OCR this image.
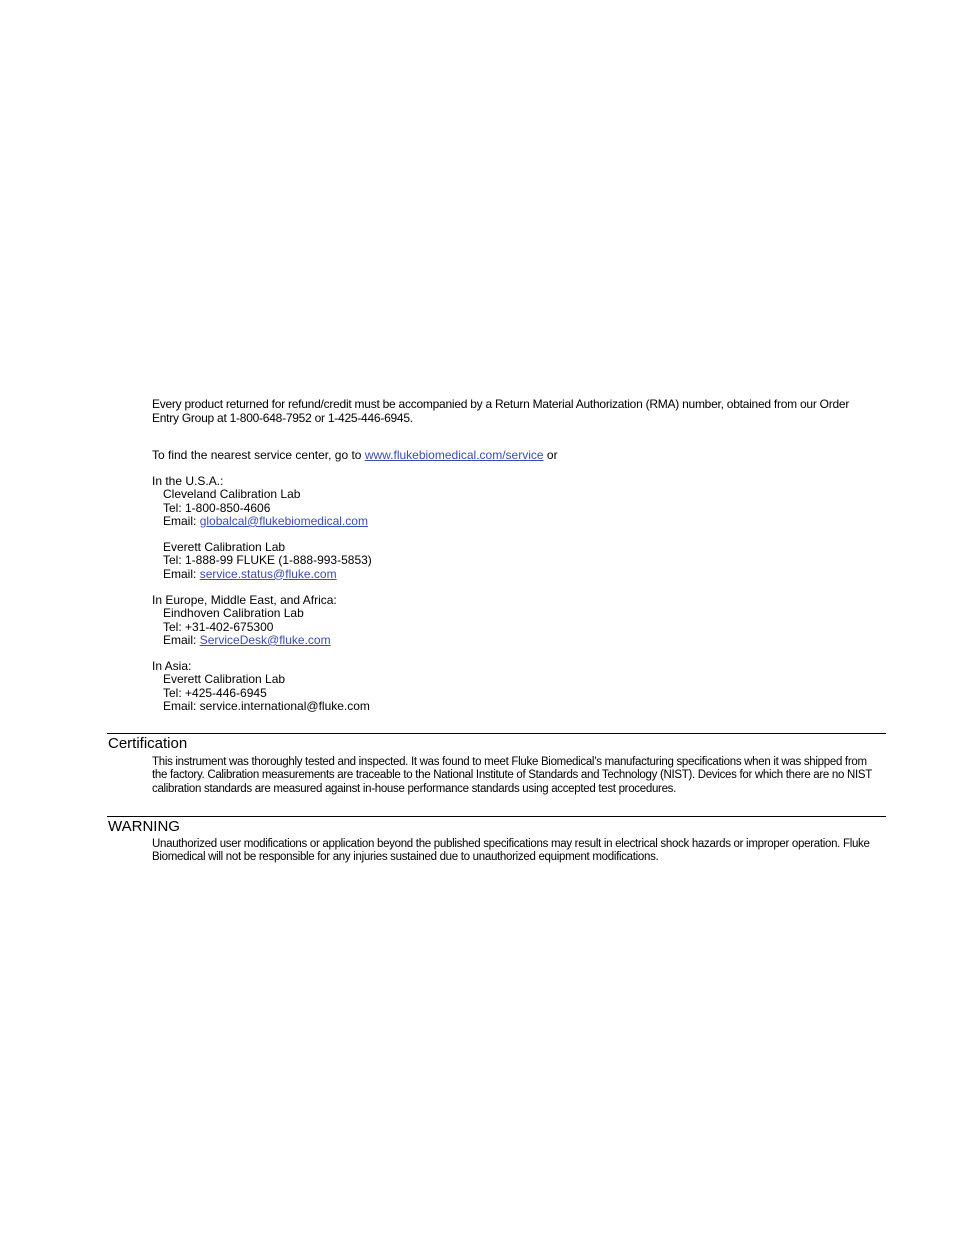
Every product returned for refund/credit must be accompanied by a Return Material Authorization (RMA) number, obtained from our Order Entry Group at 1-800-648-7952 or 1-425-446-6945.
To find the nearest service center, go to www.flukebiomedical.com/service or
In the U.S.A.:
Cleveland Calibration Lab
Tel: 1-800-850-4606
Email: globalcal@flukebiomedical.com
Everett Calibration Lab
Tel: 1-888-99 FLUKE (1-888-993-5853)
Email: service.status@fluke.com
In Europe, Middle East, and Africa:
Eindhoven Calibration Lab
Tel: +31-402-675300
Email: ServiceDesk@fluke.com
In Asia:
Everett Calibration Lab
Tel: +425-446-6945
Email: service.international@fluke.com
Certification
This instrument was thoroughly tested and inspected. It was found to meet Fluke Biomedical’s manufacturing specifications when it was shipped from the factory. Calibration measurements are traceable to the National Institute of Standards and Technology (NIST). Devices for which there are no NIST calibration standards are measured against in-house performance standards using accepted test procedures.
WARNING
Unauthorized user modifications or application beyond the published specifications may result in electrical shock hazards or improper operation. Fluke Biomedical will not be responsible for any injuries sustained due to unauthorized equipment modifications.
